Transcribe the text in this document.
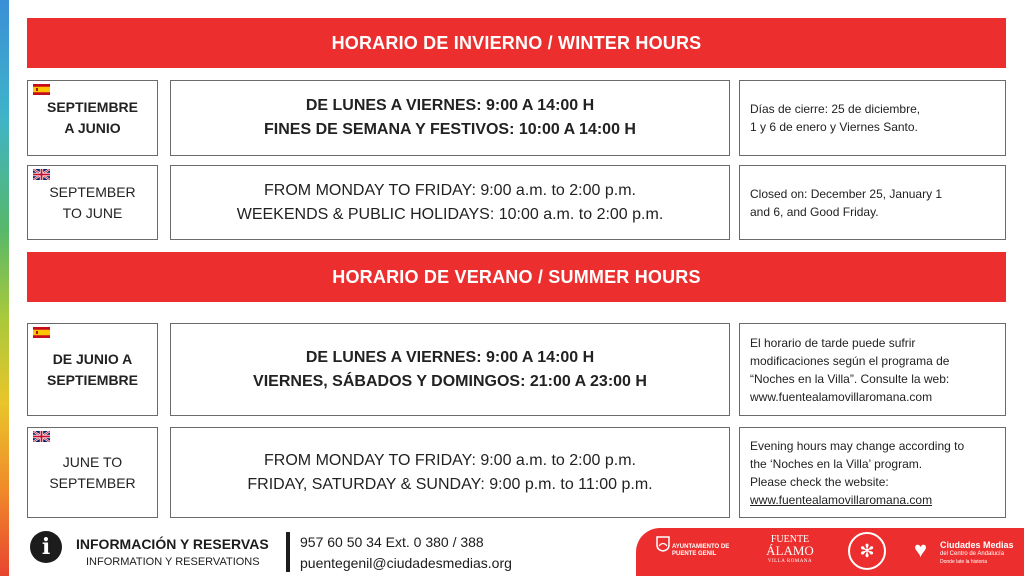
HORARIO DE INVIERNO / WINTER HOURS
SEPTIEMBRE
A JUNIO
DE LUNES A VIERNES: 9:00 A 14:00 H
FINES DE SEMANA Y FESTIVOS: 10:00 A 14:00 H
Días de cierre: 25 de diciembre,
1 y 6 de enero y Viernes Santo.
SEPTEMBER
TO JUNE
FROM MONDAY TO FRIDAY: 9:00 a.m. to 2:00 p.m.
WEEKENDS & PUBLIC HOLIDAYS: 10:00 a.m. to 2:00 p.m.
Closed on: December 25, January 1
and 6, and Good Friday.
HORARIO DE VERANO / SUMMER HOURS
DE JUNIO A
SEPTIEMBRE
DE LUNES A VIERNES: 9:00 A 14:00 H
VIERNES, SÁBADOS Y DOMINGOS: 21:00 A 23:00 H
El horario de tarde puede sufrir
modificaciones según el programa de
“Noches en la Villa”. Consulte la web:
www.fuentealamovillaromana.com
JUNE TO
SEPTEMBER
FROM MONDAY TO FRIDAY: 9:00 a.m. to 2:00 p.m.
FRIDAY, SATURDAY & SUNDAY: 9:00 p.m. to 11:00 p.m.
Evening hours may change according to
the ‘Noches en la Villa’ program.
Please check the website:
www.fuentealamovillaromana.com
i INFORMACIÓN Y RESERVAS
INFORMATION Y RESERVATIONS
957 60 50 34 Ext. 0 380 / 388
puentegenil@ciudadesmedias.org
AYUNTAMIENTO DE
PUENTE GENIL
FUENTE
ÁLAMO
VILLA ROMANA
✻	♥ Ciudades Medias
del Centro de Andalucía
Donde late la historia
